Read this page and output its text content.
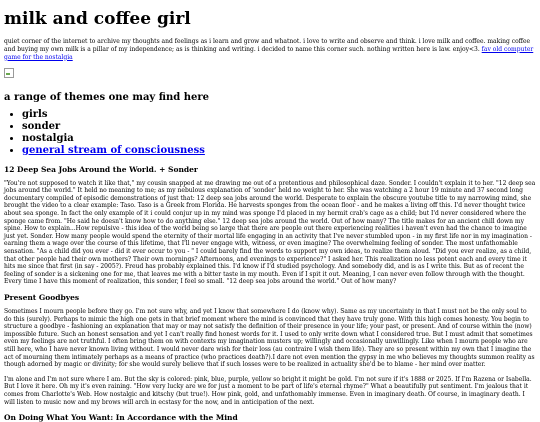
milk and coffee girl

quiet corner of the internet to archive my thoughts and feelings as i learn and grow and whatnot. i love to write and observe and think. i love milk and coffee. making coffee and buying my own milk is a pillar of my independence; as is thinking and writing. i decided to name this corner such. nothing written here is law. enjoy<3. fav old computer game for the nostalgia

a range of themes one may find here
• girls
• sonder
• nostalgia
• general stream of consciousness
12 Deep Sea Jobs Around the World. + Sonder

"You're not supposed to watch it like that," my cousin snapped at me drawing me out of a pretentious and philosophical daze. Sonder. I couldn't explain it to her. "12 deep sea jobs around the world." It held no meaning to me; as my nebulous explanation of 'sonder' held no weight to her. She was watching a 2 hour 19 minute and 37 second long documentary compiled of episodic demonstrations of just that: 12 deep sea jobs around the world. Desperate to explain the obscure youtube title to my narrowing mind, she brought the video to a clear example: Taso. Taso is a Greek from Florida. He harvests sponges from the ocean floor - and he makes a living off this. I'd never thought twice about sea sponge. In fact the only example of it i could conjur up in my mind was sponge I'd placed in my hermit crab's cage as a child; but I'd never considered where the sponge came from. "He said he doesn't know how to do anything else." 12 deep sea jobs around the world. Out of how many? The title makes for an ancient chill down my spine. How to explain...How repulsive - this idea of the world being so large that there are people out there experiencing realities i haven't even had the chance to imagine just yet. Sonder. How many people would spend the eternity of their mortal life engaging in an activity that I've never stumbled upon - in my first life nor in my imagination - earning them a wage over the course of this lifetime, that I'll never engage with, witness, or even imagine? The overwhelming feeling of sonder. The most unfathomable sensation. "As a child did you ever - did it ever occur to you - " I could barely find the words to support my own ideas, to realize them aloud. "Did you ever realize, as a child, that other people had their own mothers? Their own mornings? Afternoons, and evenings to experience?" I asked her. This realization no less potent each and every time it hits me since that first (in say - 2005?). Freud has probably explained this. I'd know if I'd studied psychology. And somebody did, and is as I write this. But as of recent the feeling of sonder is a sickening one for me, that leaves me with a bitter taste in my mouth. Even if I spit it out. Meaning, I can never even follow through with the thought. Every time I have this moment of realization, this sonder, I feel so small. "12 deep sea jobs around the world." Out of how many?

Present Goodbyes

Sometimes I mourn people before they go. I'm not sure why, and yet I know that somewhere I do (know why). Same as my uncertainty in that I must not be the only soul to do this (surely). Perhaps to mimic the high one gets in that brief moment where the mind is convinced that they have truly gone. With this high comes honesty. You begin to structure a goodbye - fashioning an explanation that may or may not satisfy the definition of their presence in your life; your past, or present. And of course within the (now) impossible future. Such an honest sensation and yet I can't really find honest words for it. I used to only write down what I considered true. But I must admit that sometimes even my feelings are not truthful. I often bring them on with contexts my imagination musters up; willingly and occasionally unwillingly. Like when I mourn people who are still here, who I have never known living without. I would never dare wish for their loss (au contraire I wish them life). They are so present within my own that I imagine the act of mourning them intimately perhaps as a means of practice (who practices death?).I dare not even mention the gypsy in me who believes my thoughts summon reality as though adorned by magic or divinity; for she would surely believe that if such losses were to be realized in actuality she'd be to blame - her mind over matter.

I'm alone and I'm not sure where I am. But the sky is colored: pink, blue, purple, yellow so bright it might be gold. I'm not sure if it's 1888 or 2025. If I'm Razena or Isabella. But I love it here. Oh my it's even raining. "How very lucky are we for just a moment to be part of life's eternal rhyme?" What a beautifully put sentiment. I'm jealous that it comes from Charlotte's Web. How nostalgic and kitschy (but true!). How pink, gold, and unfathomably immense. Even in imaginary death. Of course, in imaginary death. I will listen to music now and my brows will arch in ecstasy for the now, and in anticipation of the next.

On Doing What You Want: In Accordance with the Mind
